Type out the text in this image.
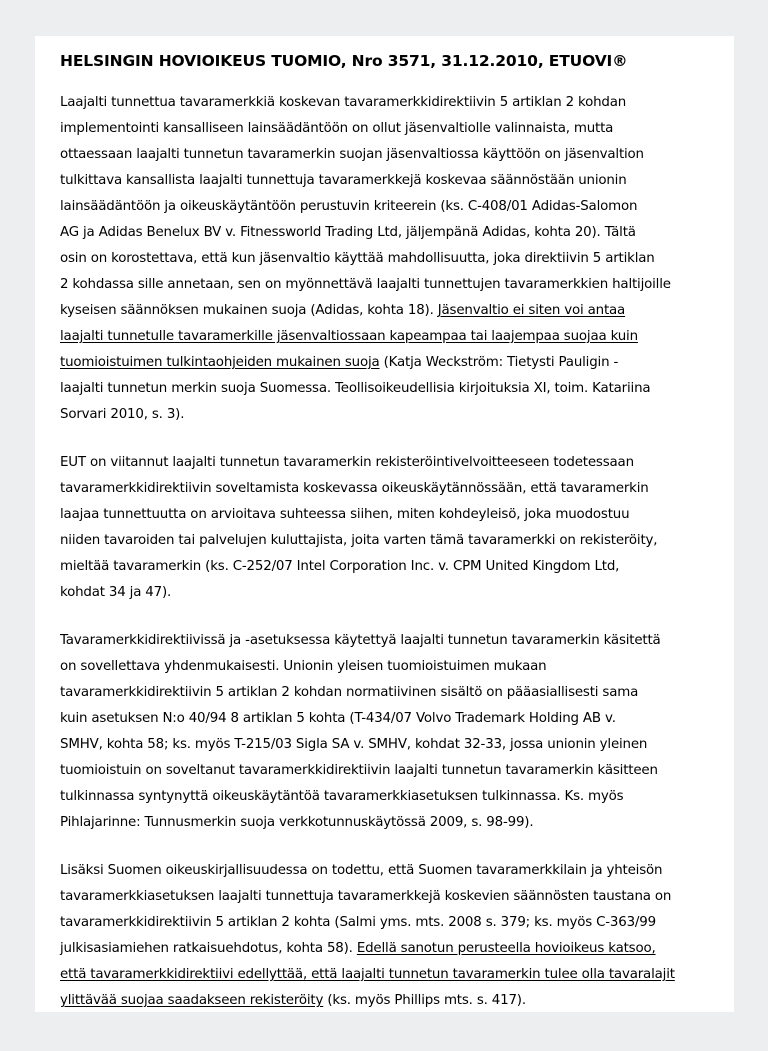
HELSINGIN HOVIOIKEUS TUOMIO, Nro 3571, 31.12.2010, ETUOVI®

Laajalti tunnettua tavaramerkkiä koskevan tavaramerkkidirektiivin 5 artiklan 2 kohdan
implementointi kansalliseen lainsäädäntöön on ollut jäsenvaltiolle valinnaista, mutta
ottaessaan laajalti tunnetun tavaramerkin suojan jäsenvaltiossa käyttöön on jäsenvaltion
tulkittava kansallista laajalti tunnettuja tavaramerkkejä koskevaa säännöstään unionin
lainsäädäntöön ja oikeuskäytäntöön perustuvin kriteerein (ks. C-408/01 Adidas-Salomon
AG ja Adidas Benelux BV v. Fitnessworld Trading Ltd, jäljempänä Adidas, kohta 20). Tältä
osin on korostettava, että kun jäsenvaltio käyttää mahdollisuutta, joka direktiivin 5 artiklan
2 kohdassa sille annetaan, sen on myönnettävä laajalti tunnettujen tavaramerkkien haltijoille
kyseisen säännöksen mukainen suoja (Adidas, kohta 18). Jäsenvaltio ei siten voi antaa
laajalti tunnetulle tavaramerkille jäsenvaltiossaan kapeampaa tai laajempaa suojaa kuin
tuomioistuimen tulkintaohjeiden mukainen suoja (Katja Weckström: Tietysti Pauligin -
laajalti tunnetun merkin suoja Suomessa. Teollisoikeudellisia kirjoituksia XI, toim. Katariina
Sorvari 2010, s. 3).

EUT on viitannut laajalti tunnetun tavaramerkin rekisteröintivelvoitteeseen todetessaan
tavaramerkkidirektiivin soveltamista koskevassa oikeuskäytännössään, että tavaramerkin
laajaa tunnettuutta on arvioitava suhteessa siihen, miten kohdeyleisö, joka muodostuu
niiden tavaroiden tai palvelujen kuluttajista, joita varten tämä tavaramerkki on rekisteröity,
mieltää tavaramerkin (ks. C-252/07 Intel Corporation Inc. v. CPM United Kingdom Ltd,
kohdat 34 ja 47).

Tavaramerkkidirektiivissä ja -asetuksessa käytettyä laajalti tunnetun tavaramerkin käsitettä
on sovellettava yhdenmukaisesti. Unionin yleisen tuomioistuimen mukaan
tavaramerkkidirektiivin 5 artiklan 2 kohdan normatiivinen sisältö on pääasiallisesti sama
kuin asetuksen N:o 40/94 8 artiklan 5 kohta (T-434/07 Volvo Trademark Holding AB v.
SMHV, kohta 58; ks. myös T-215/03 Sigla SA v. SMHV, kohdat 32-33, jossa unionin yleinen
tuomioistuin on soveltanut tavaramerkkidirektiivin laajalti tunnetun tavaramerkin käsitteen
tulkinnassa syntynyttä oikeuskäytäntöä tavaramerkkiasetuksen tulkinnassa. Ks. myös
Pihlajarinne: Tunnusmerkin suoja verkkotunnuskäytössä 2009, s. 98-99).

Lisäksi Suomen oikeuskirjallisuudessa on todettu, että Suomen tavaramerkkilain ja yhteisön
tavaramerkkiasetuksen laajalti tunnettuja tavaramerkkejä koskevien säännösten taustana on
tavaramerkkidirektiivin 5 artiklan 2 kohta (Salmi yms. mts. 2008 s. 379; ks. myös C-363/99
julkisasiamiehen ratkaisuehdotus, kohta 58). Edellä sanotun perusteella hovioikeus katsoo,
että tavaramerkkidirektiivi edellyttää, että laajalti tunnetun tavaramerkin tulee olla tavaralajit
ylittävää suojaa saadakseen rekisteröity (ks. myös Phillips mts. s. 417).
